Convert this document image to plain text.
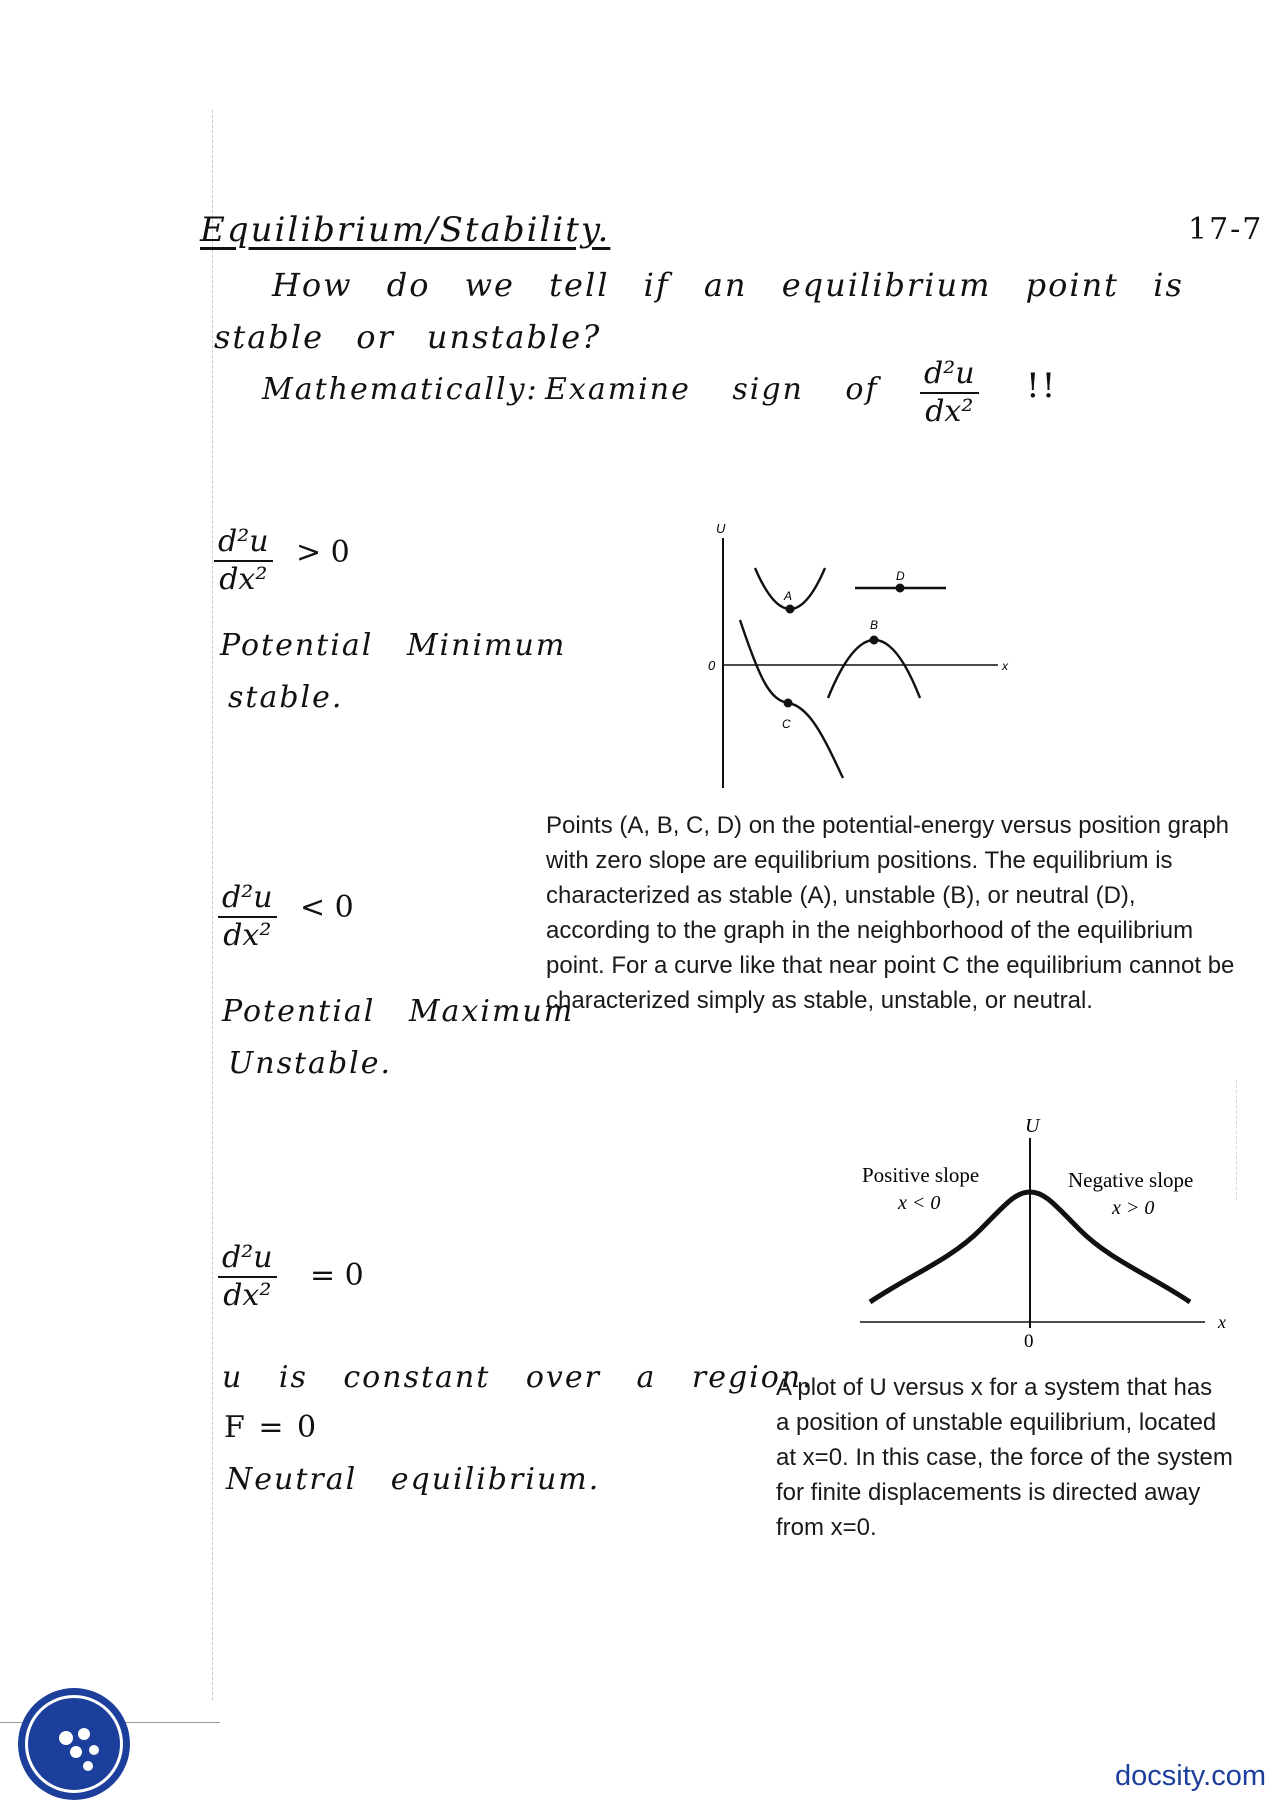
Equilibrium/Stability.	17-7
How do we tell if an equilibrium point is
stable or unstable?
Mathematically: Examine sign of $\frac{\text{d²u}}{\text{dx²}}$ !!
$\frac{\text{d²u}}{\text{dx²}} > 0$
Potential Minimum
stable.
$\frac{\text{d²u}}{\text{dx²}} < 0$
Potential Maximum
Unstable.
$\frac{\text{d²u}}{\text{dx²}} = 0$
u is constant over a region.
F = 0
Neutral equilibrium.
U
x
0
A
B
C
D
Points (A, B, C, D) on the potential-energy versus position graph
with zero slope are equilibrium positions. The equilibrium is
characterized as stable (A), unstable (B), or neutral (D),
according to the graph in the neighborhood of the equilibrium
point. For a curve like that near point C the equilibrium cannot be
characterized simply as stable, unstable, or neutral.
U
x
0
Positive slope
x < 0
Negative slope
x > 0
A plot of U versus x for a system that has
a position of unstable equilibrium, located
at x=0. In this case, the force of the system
for finite displacements is directed away
from x=0.
docsity.com
